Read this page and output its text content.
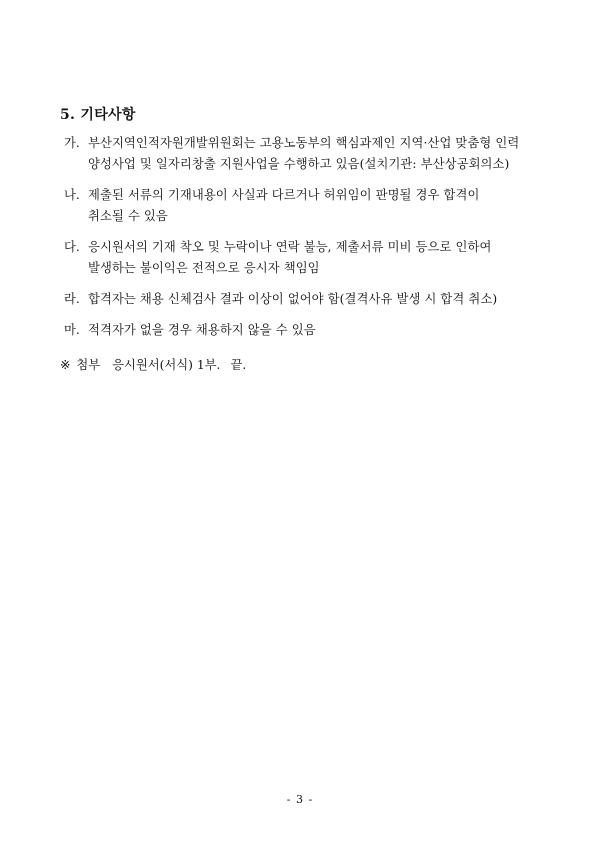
5. 기타사항
가. 부산지역인적자원개발위원회는 고용노동부의 핵심과제인 지역·산업 맞춤형 인력
양성사업 및 일자리창출 지원사업을 수행하고 있음(설치기관: 부산상공회의소)
나. 제출된 서류의 기재내용이 사실과 다르거나 허위임이 판명될 경우 합격이
취소될 수 있음
다. 응시원서의 기재 착오 및 누락이나 연락 불능, 제출서류 미비 등으로 인하여
발생하는 불이익은 전적으로 응시자 책임임
라. 합격자는 채용 신체검사 결과 이상이 없어야 함(결격사유 발생 시 합격 취소)
마. 적격자가 없을 경우 채용하지 않을 수 있음
※ 첨부 응시원서(서식) 1부. 끝.
- 3 -
